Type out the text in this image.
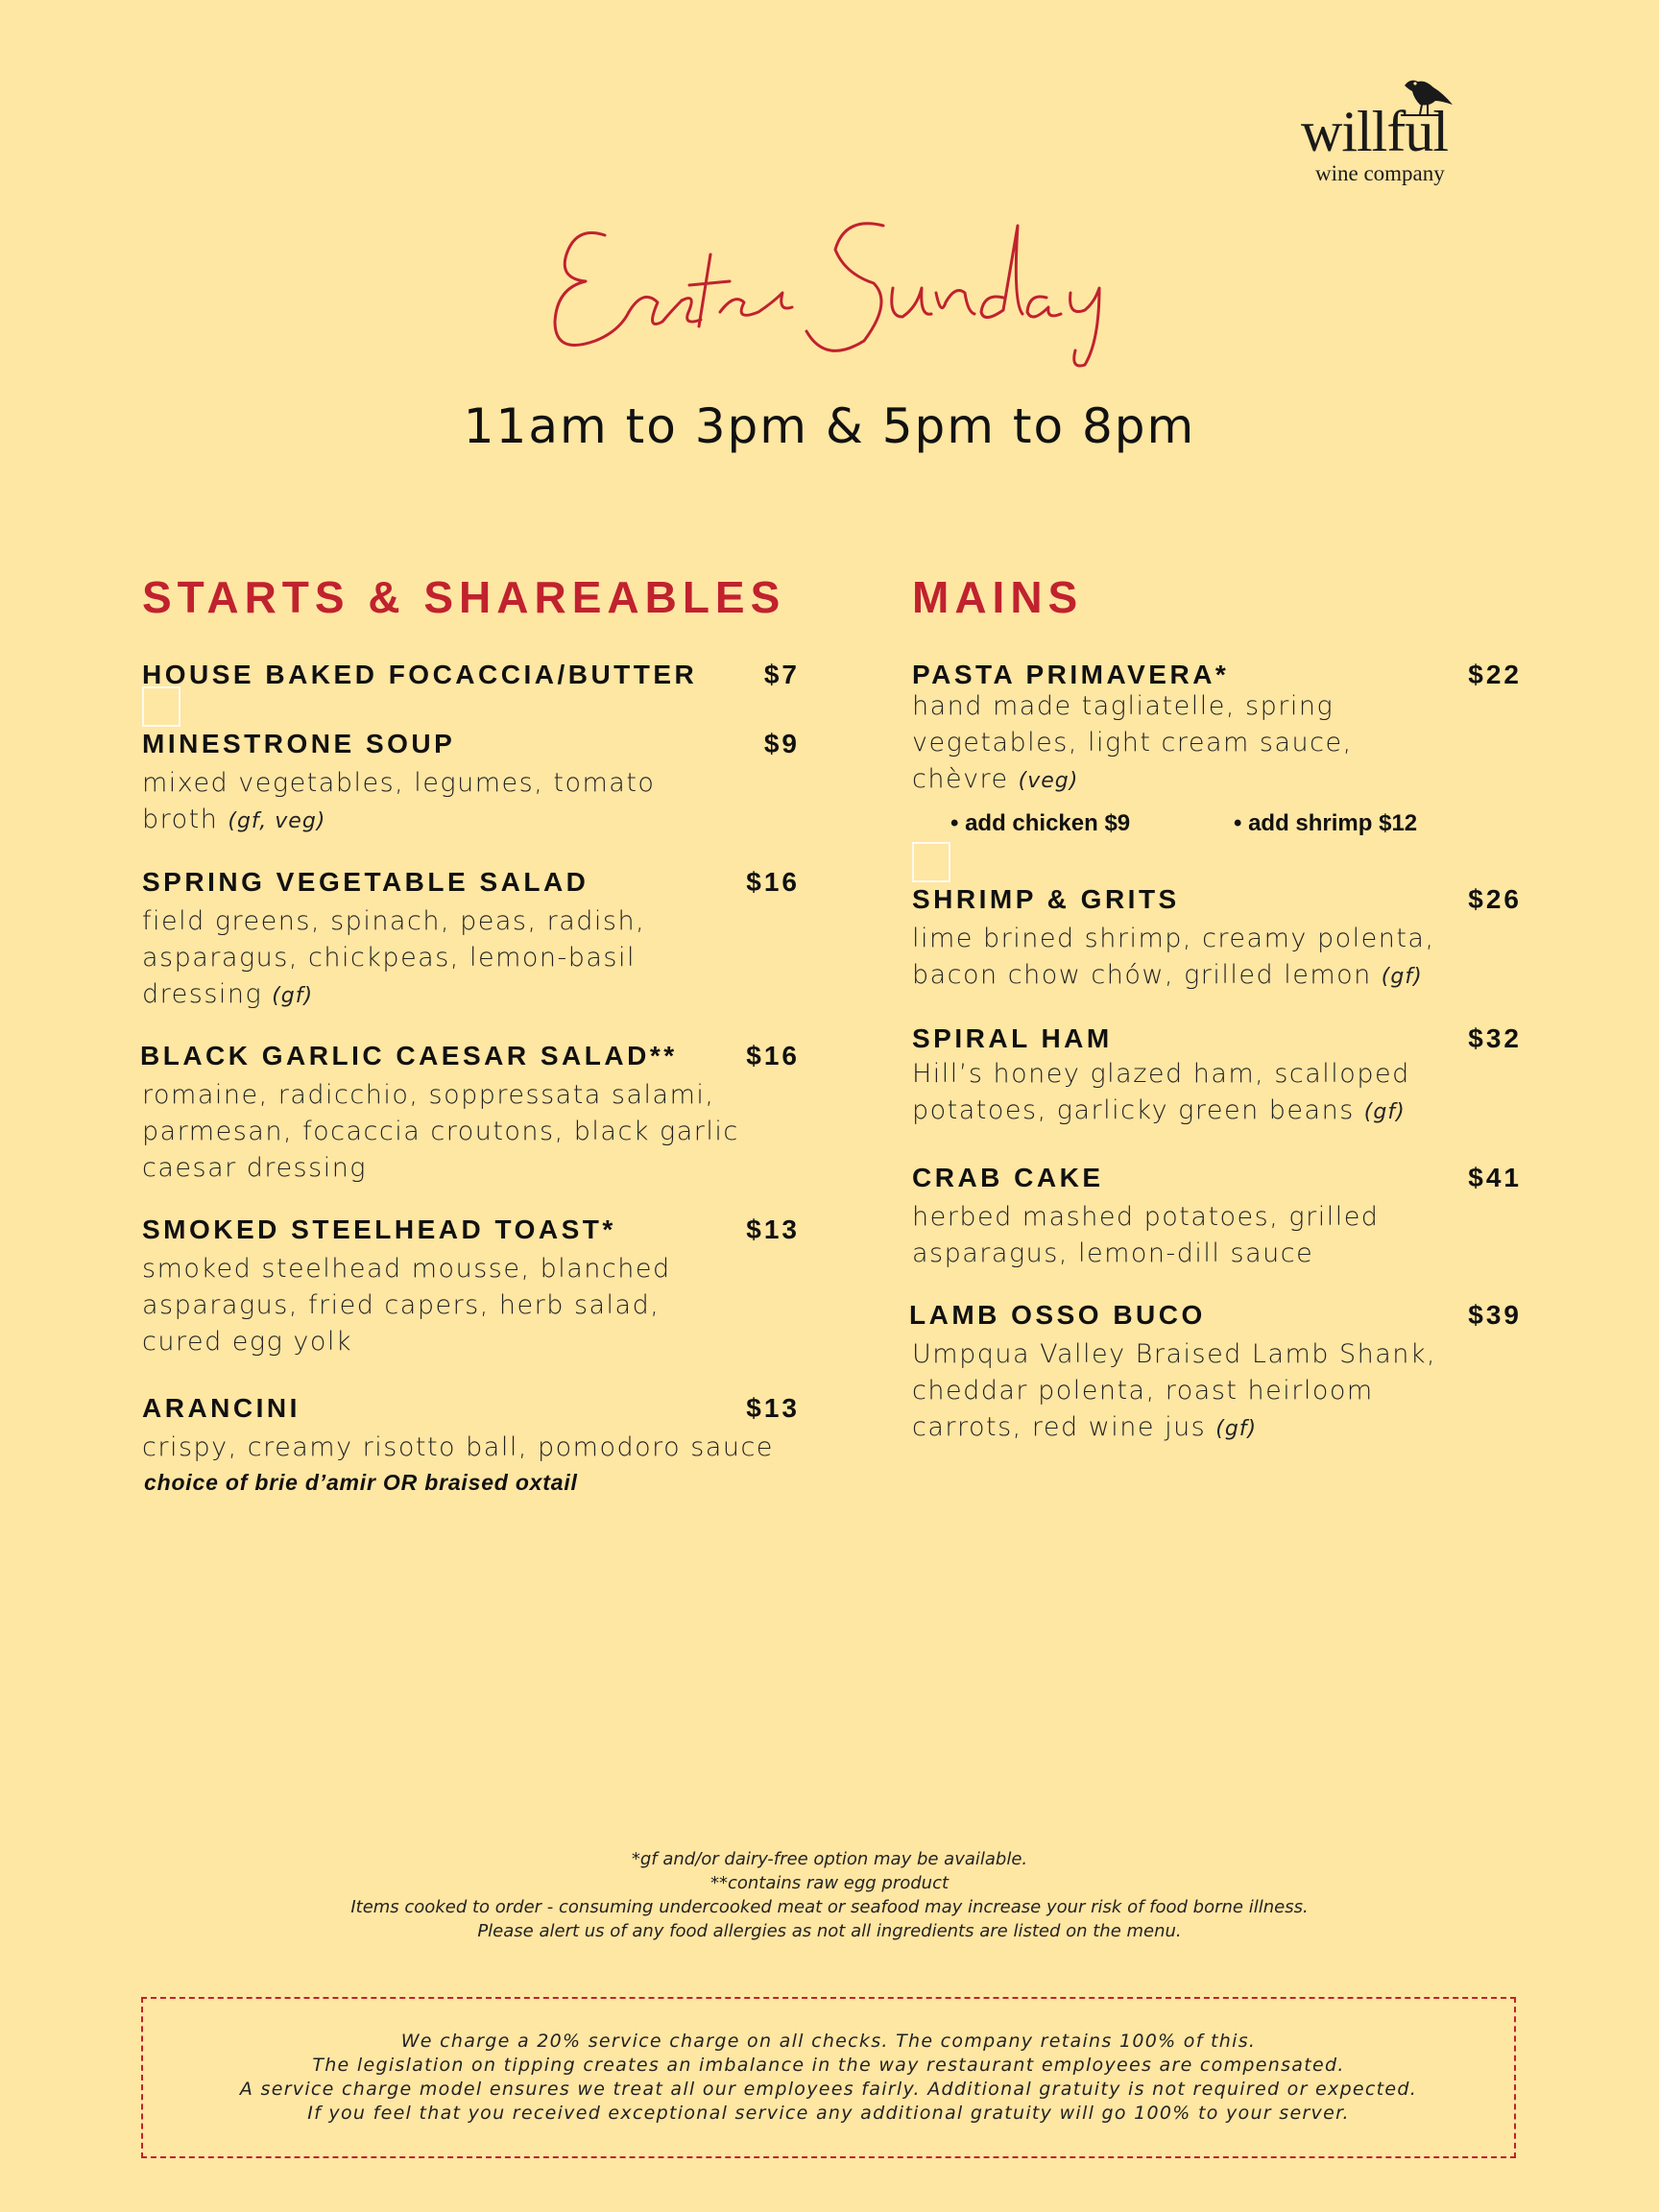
willful
wine company
11am to 3pm & 5pm to 8pm
STARTS & SHAREABLES
HOUSE BAKED FOCACCIA/BUTTER $7
MINESTRONE SOUP	$9
mixed vegetables, legumes, tomato
broth (gf, veg)
SPRING VEGETABLE SALAD	$16
field greens, spinach, peas, radish,
asparagus, chickpeas, lemon-basil
dressing (gf)
BLACK GARLIC CAESAR SALAD**	$16
romaine, radicchio, soppressata salami,
parmesan, focaccia croutons, black garlic
caesar dressing
SMOKED STEELHEAD TOAST*	$13
smoked steelhead mousse, blanched
asparagus, fried capers, herb salad,
cured egg yolk
ARANCINI	$13
crispy, creamy risotto ball, pomodoro sauce
choice of brie d’amir OR braised oxtail
MAINS
PASTA PRIMAVERA*	$22
hand made tagliatelle, spring
vegetables, light cream sauce,
chèvre (veg)
• add chicken $9	• add shrimp $12
SHRIMP & GRITS	$26
lime brined shrimp, creamy polenta,
bacon chow chów, grilled lemon (gf)
SPIRAL HAM	$32
Hill’s honey glazed ham, scalloped
potatoes, garlicky green beans (gf)
CRAB CAKE	$41
herbed mashed potatoes, grilled
asparagus, lemon-dill sauce
LAMB OSSO BUCO	$39
Umpqua Valley Braised Lamb Shank,
cheddar polenta, roast heirloom
carrots, red wine jus (gf)
*gf and/or dairy-free option may be available.
**contains raw egg product
Items cooked to order - consuming undercooked meat or seafood may increase your risk of food borne illness.
Please alert us of any food allergies as not all ingredients are listed on the menu.
We charge a 20% service charge on all checks. The company retains 100% of this.
The legislation on tipping creates an imbalance in the way restaurant employees are compensated.
A service charge model ensures we treat all our employees fairly. Additional gratuity is not required or expected.
If you feel that you received exceptional service any additional gratuity will go 100% to your server.
